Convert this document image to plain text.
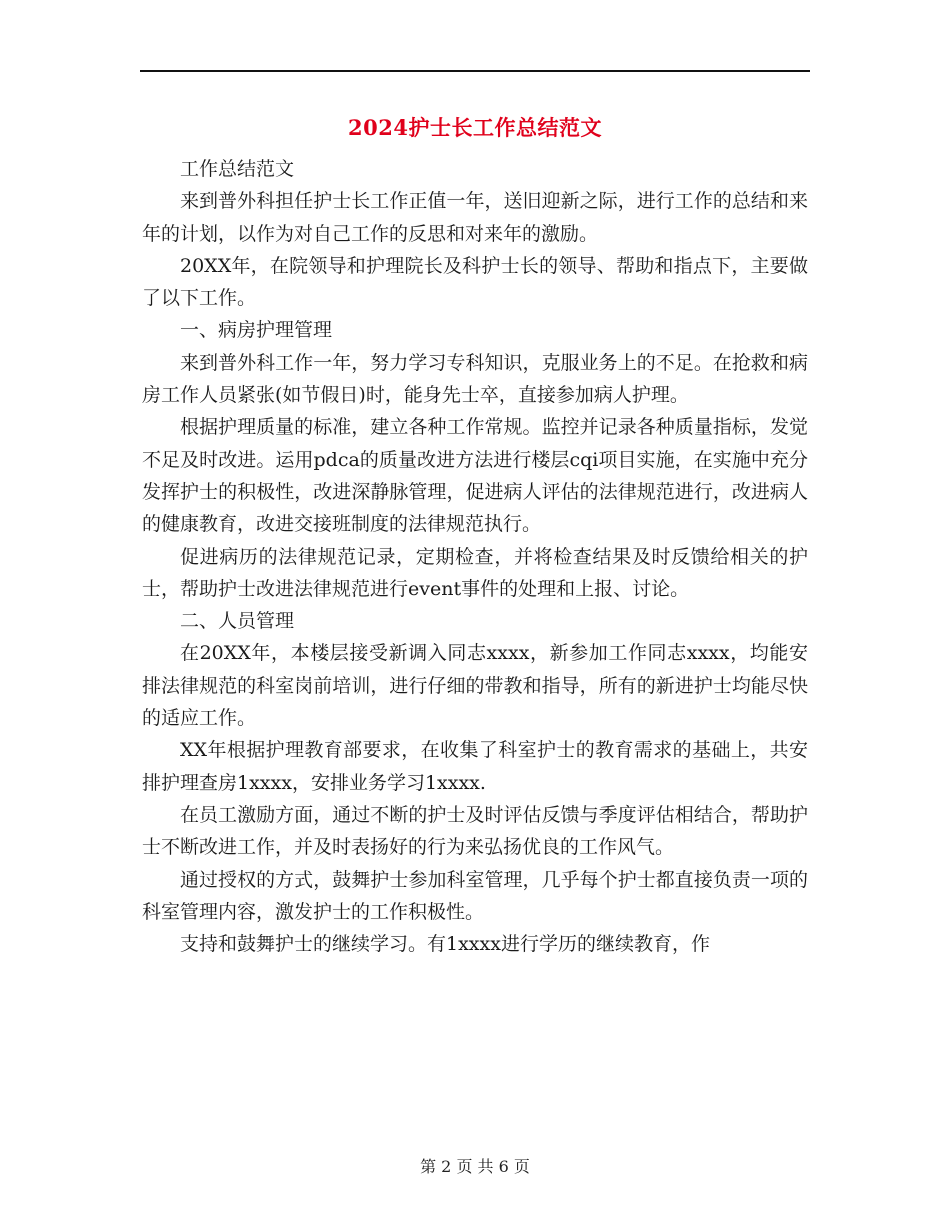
2024护士长工作总结范文

工作总结范文

来到普外科担任护士长工作正值一年，送旧迎新之际，进行工作的总结和来年的计划，以作为对自己工作的反思和对来年的激励。

20XX年，在院领导和护理院长及科护士长的领导、帮助和指点下，主要做了以下工作。

一、病房护理管理

来到普外科工作一年，努力学习专科知识，克服业务上的不足。在抢救和病房工作人员紧张(如节假日)时，能身先士卒，直接参加病人护理。

根据护理质量的标准，建立各种工作常规。监控并记录各种质量指标，发觉不足及时改进。运用pdca的质量改进方法进行楼层cqi项目实施，在实施中充分发挥护士的积极性，改进深静脉管理，促进病人评估的法律规范进行，改进病人的健康教育，改进交接班制度的法律规范执行。

促进病历的法律规范记录，定期检查，并将检查结果及时反馈给相关的护士，帮助护士改进法律规范进行event事件的处理和上报、讨论。

二、人员管理

在20XX年，本楼层接受新调入同志xxxx，新参加工作同志xxxx，均能安排法律规范的科室岗前培训，进行仔细的带教和指导，所有的新进护士均能尽快的适应工作。

XX年根据护理教育部要求，在收集了科室护士的教育需求的基础上，共安排护理查房1xxxx，安排业务学习1xxxx.

在员工激励方面，通过不断的护士及时评估反馈与季度评估相结合，帮助护士不断改进工作，并及时表扬好的行为来弘扬优良的工作风气。

通过授权的方式，鼓舞护士参加科室管理，几乎每个护士都直接负责一项的科室管理内容，激发护士的工作积极性。

支持和鼓舞护士的继续学习。有1xxxx进行学历的继续教育，作

第 2 页 共 6 页
